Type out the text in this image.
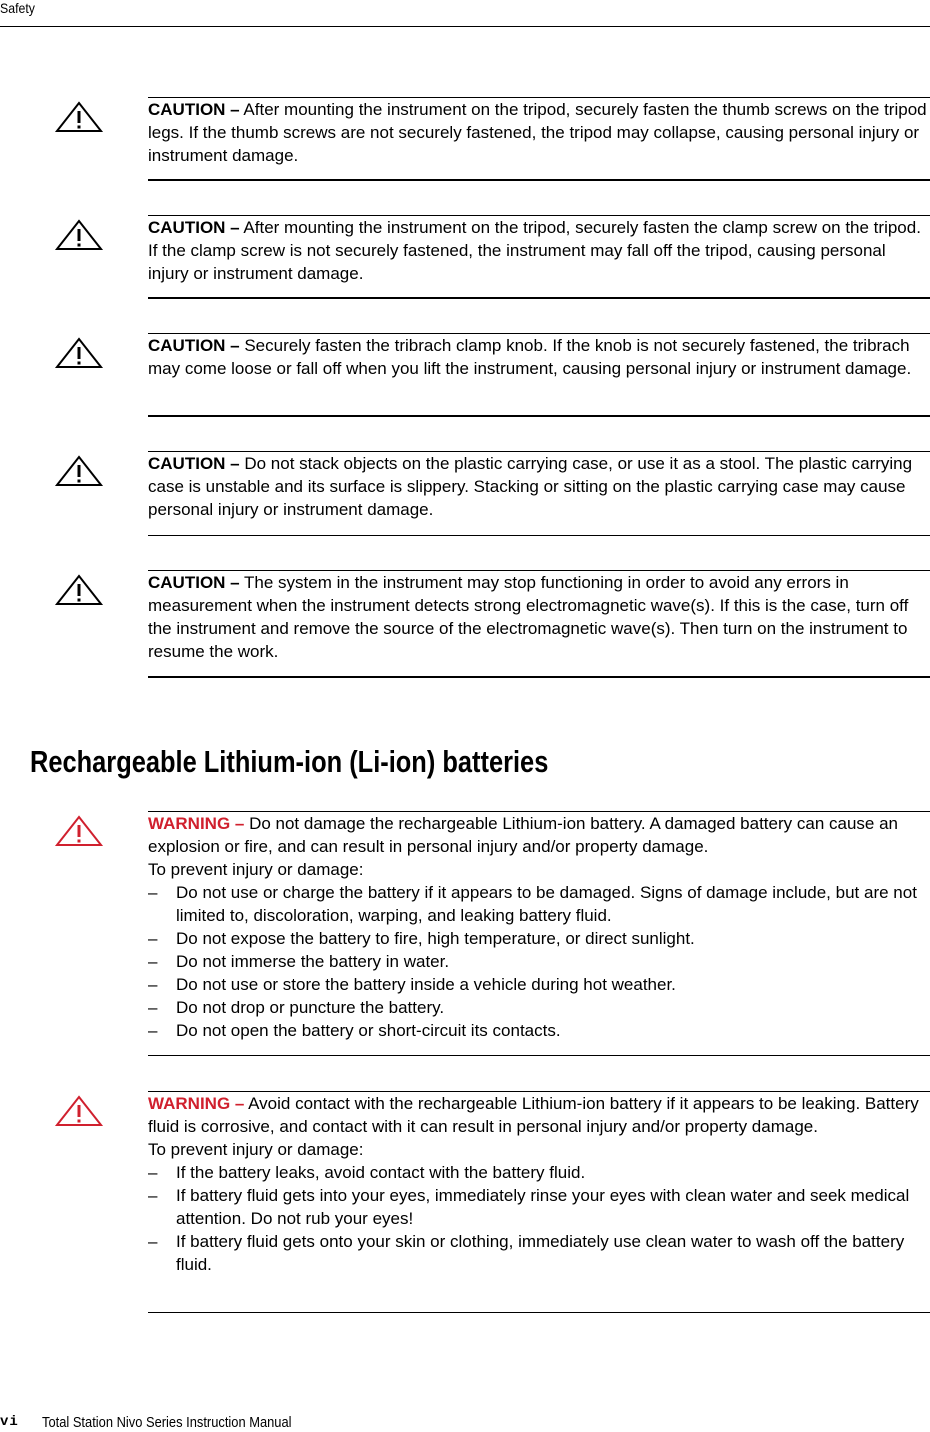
Safety

CAUTION – After mounting the instrument on the tripod, securely fasten the thumb screws on the tripod legs. If the thumb screws are not securely fastened, the tripod may collapse, causing personal injury or instrument damage.

CAUTION – After mounting the instrument on the tripod, securely fasten the clamp screw on the tripod. If the clamp screw is not securely fastened, the instrument may fall off the tripod, causing personal injury or instrument damage.

CAUTION – Securely fasten the tribrach clamp knob. If the knob is not securely fastened, the tribrach may come loose or fall off when you lift the instrument, causing personal injury or instrument damage.

CAUTION – Do not stack objects on the plastic carrying case, or use it as a stool. The plastic carrying case is unstable and its surface is slippery. Stacking or sitting on the plastic carrying case may cause personal injury or instrument damage.

CAUTION – The system in the instrument may stop functioning in order to avoid any errors in measurement when the instrument detects strong electromagnetic wave(s). If this is the case, turn off the instrument and remove the source of the electromagnetic wave(s). Then turn on the instrument to resume the work.

Rechargeable Lithium-ion (Li-ion) batteries

WARNING – Do not damage the rechargeable Lithium-ion battery. A damaged battery can cause an explosion or fire, and can result in personal injury and/or property damage.

To prevent injury or damage:

– Do not use or charge the battery if it appears to be damaged. Signs of damage include, but are not limited to, discoloration, warping, and leaking battery fluid.
– Do not expose the battery to fire, high temperature, or direct sunlight.
– Do not immerse the battery in water.
– Do not use or store the battery inside a vehicle during hot weather.
– Do not drop or puncture the battery.
– Do not open the battery or short-circuit its contacts.

WARNING – Avoid contact with the rechargeable Lithium-ion battery if it appears to be leaking. Battery fluid is corrosive, and contact with it can result in personal injury and/or property damage.

To prevent injury or damage:

– If the battery leaks, avoid contact with the battery fluid.
– If battery fluid gets into your eyes, immediately rinse your eyes with clean water and seek medical attention. Do not rub your eyes!
– If battery fluid gets onto your skin or clothing, immediately use clean water to wash off the battery fluid.
vi Total Station Nivo Series Instruction Manual
